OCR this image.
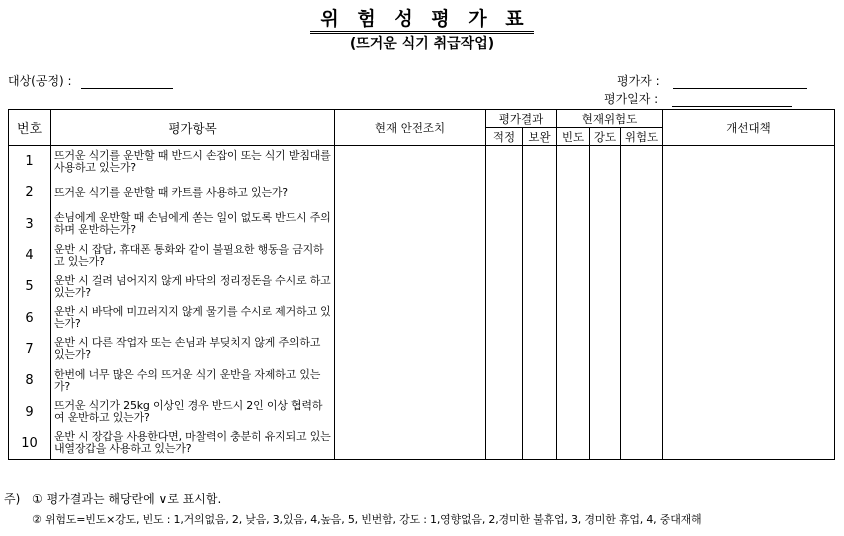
위 험 성 평 가 표
(뜨거운 식기 취급작업)
대상(공정) :	평가자 :
평가일자 :
번호	평가항목	현재 안전조치	평가결과		현재위험도			개선대책
			적정	보완	빈도	강도	위험도	
1	뜨거운 식기를 운반할 때 반드시 손잡이 또는 식기 받침대를 사용하고 있는가?							
2	뜨거운 식기를 운반할 때 카트를 사용하고 있는가?							
3	손님에게 운반할 때 손님에게 쏟는 일이 없도록 반드시 주의하며 운반하는가?							
4	운반 시 잡담, 휴대폰 통화와 같이 불필요한 행동을 금지하고 있는가?							
5	운반 시 걸려 넘어지지 않게 바닥의 정리정돈을 수시로 하고 있는가?							
6	운반 시 바닥에 미끄러지지 않게 물기를 수시로 제거하고 있는가?							
7	운반 시 다른 작업자 또는 손님과 부딪치지 않게 주의하고 있는가?							
8	한번에 너무 많은 수의 뜨거운 식기 운반을 자제하고 있는가?							
9	뜨거운 식기가 25kg 이상인 경우 반드시 2인 이상 협력하여 운반하고 있는가?							
10	운반 시 장갑을 사용한다면, 마찰력이 충분히 유지되고 있는 내열장갑을 사용하고 있는가?							
주) ① 평가결과는 해당란에 ∨로 표시함.
② 위험도=빈도×강도, 빈도 : 1,거의없음, 2, 낮음, 3,있음, 4,높음, 5, 빈번함, 강도 : 1,영향없음, 2,경미한 불휴업, 3, 경미한 휴업, 4, 중대재해
